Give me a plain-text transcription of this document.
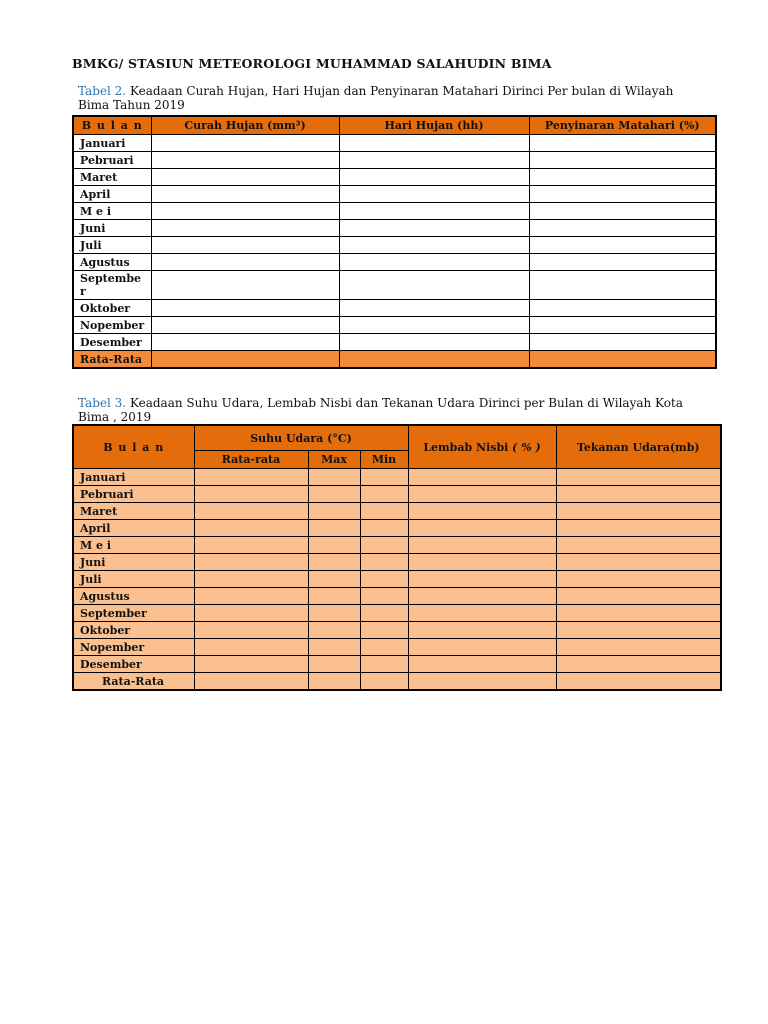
BMKG/ STASIUN METEOROLOGI MUHAMMAD SALAHUDIN BIMA
Tabel 2. Keadaan Curah Hujan, Hari Hujan dan Penyinaran Matahari Dirinci Per bulan di Wilayah Bima Tahun 2019
B u l a n	Curah Hujan (mm³)	Hari Hujan (hh)	Penyinaran Matahari (%)
Januari			
Pebruari			
Maret			
April			
M e i			
Juni			
Juli			
Agustus			
September			
Oktober			
Nopember			
Desember			
Rata-Rata			
Tabel 3. Keadaan Suhu Udara, Lembab Nisbi dan Tekanan Udara Dirinci per Bulan di Wilayah Kota Bima , 2019
B u l a n	Suhu Udara (°C)			Lembab Nisbi ( % )	Tekanan Udara(mb)
	Rata-rata	Max	Min		
Januari					
Pebruari					
Maret					
April					
M e i					
Juni					
Juli					
Agustus					
September					
Oktober					
Nopember					
Desember					
Rata-Rata					
